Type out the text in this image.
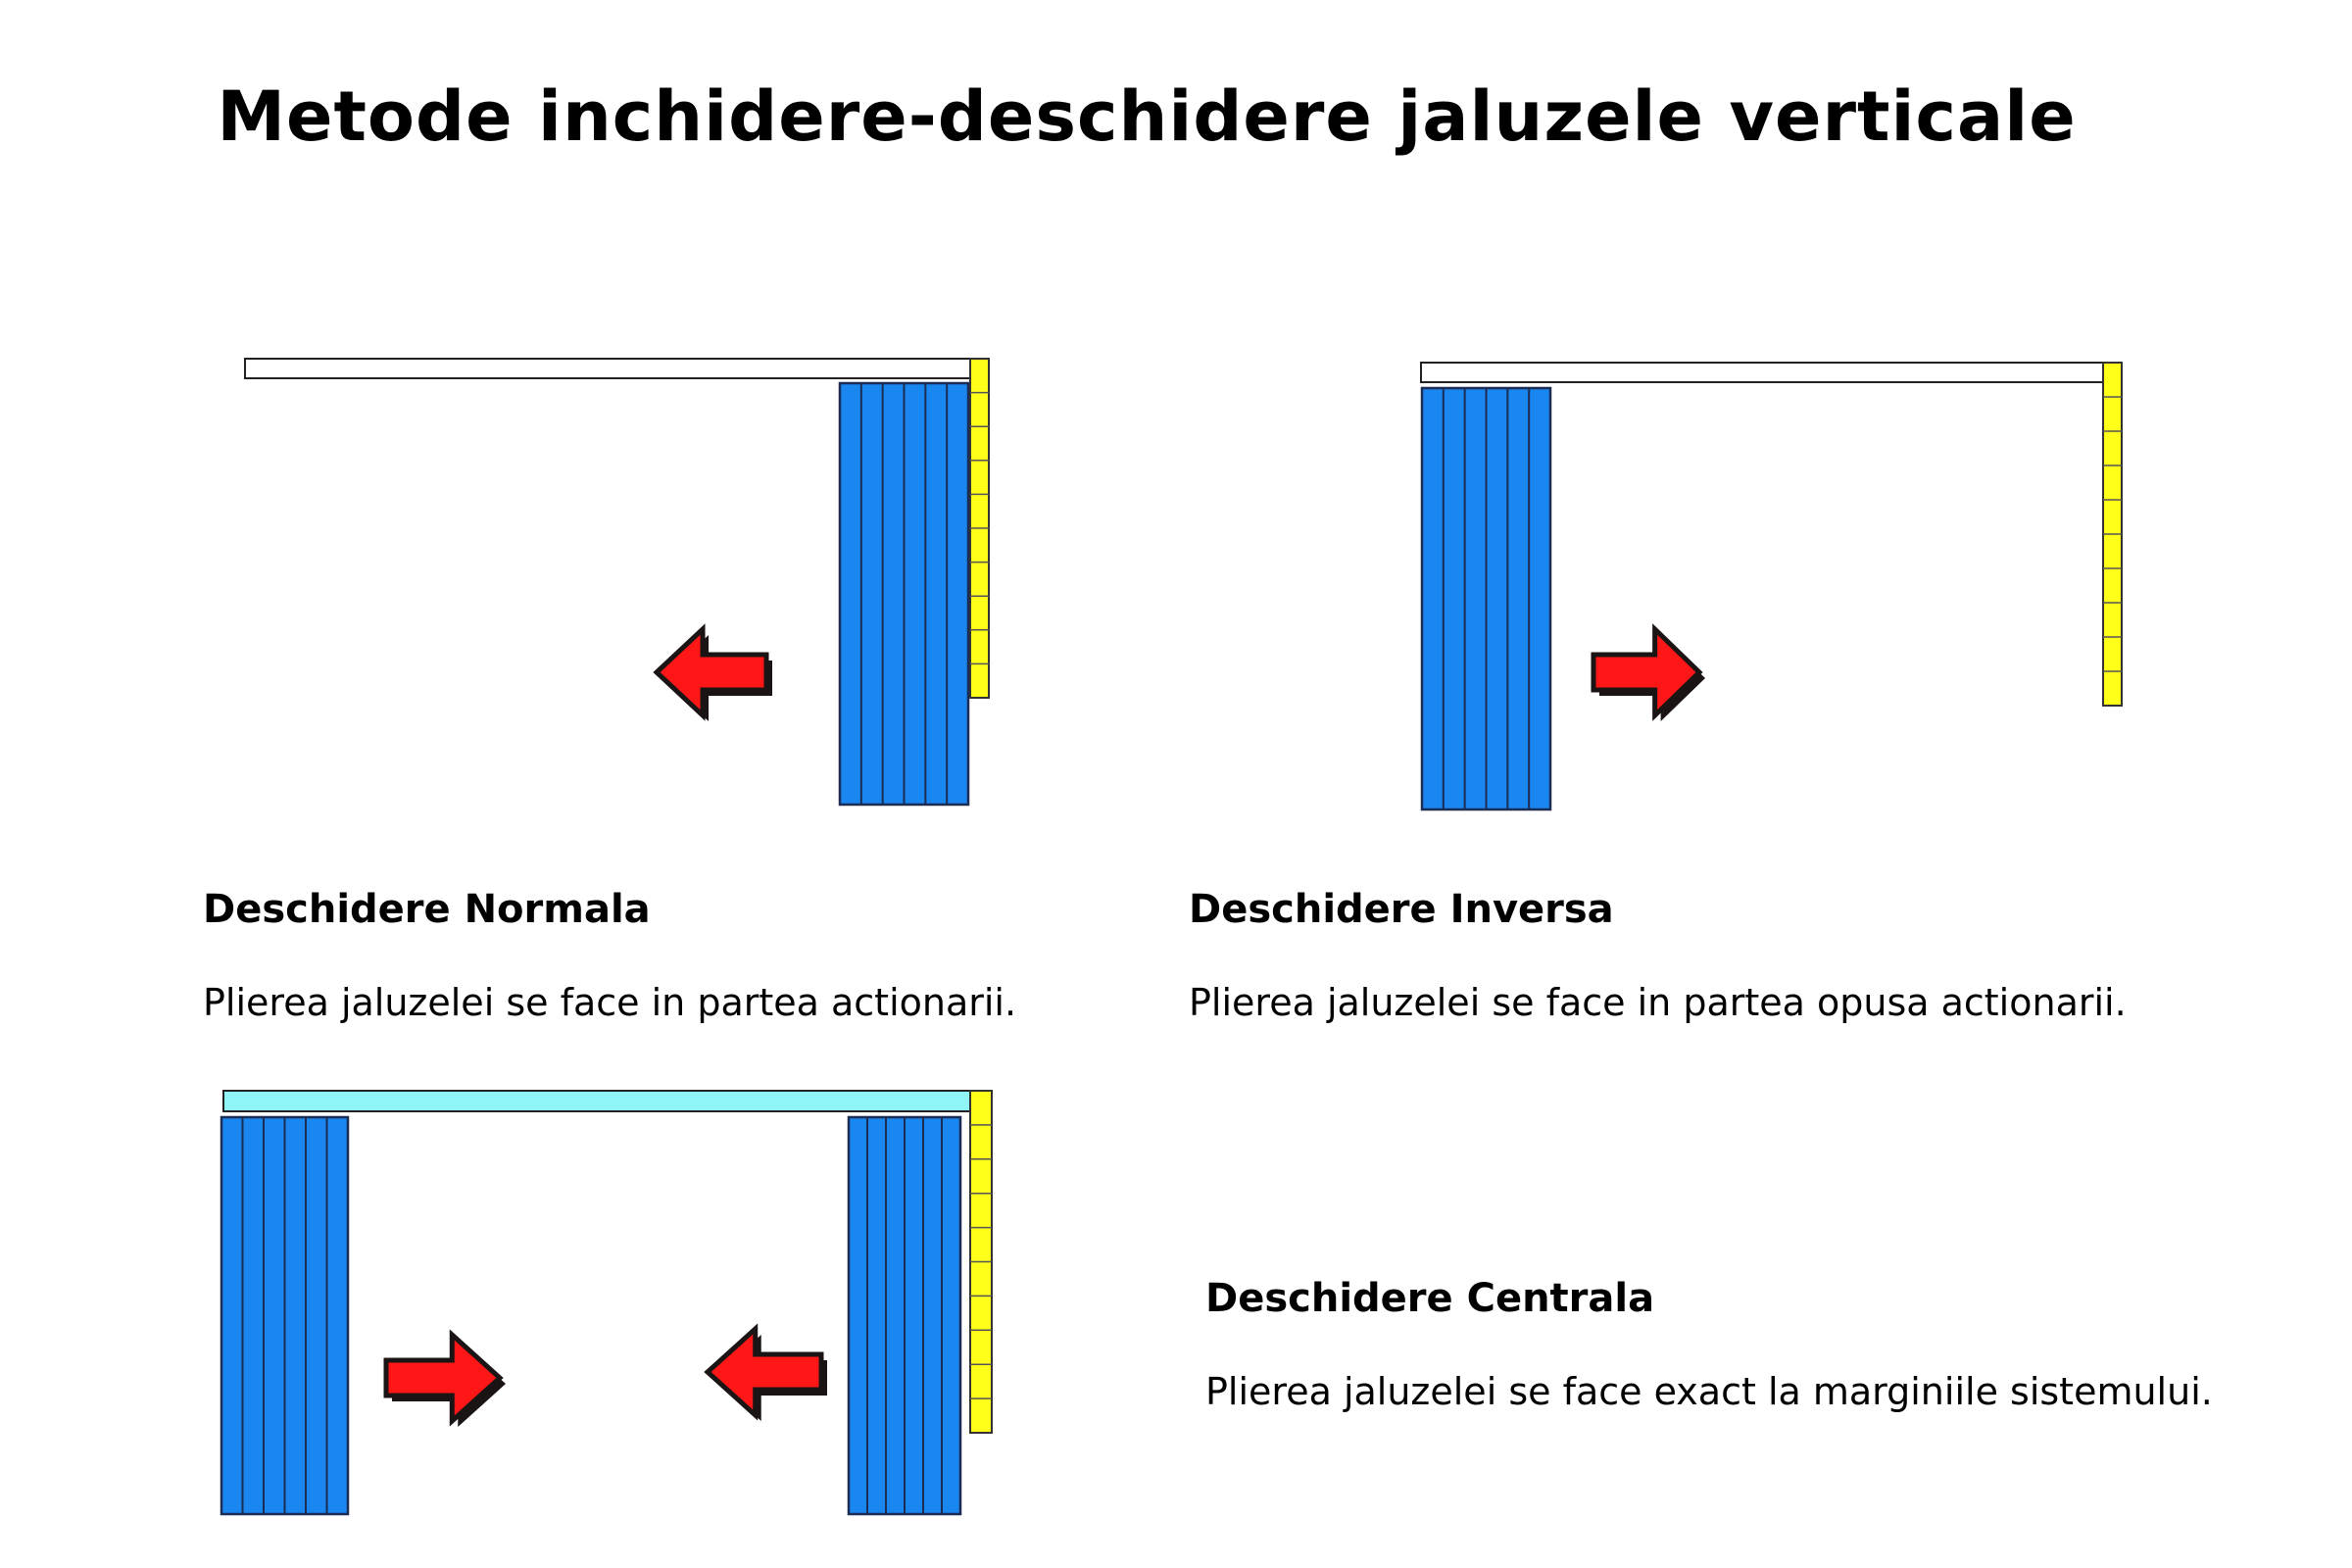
Metode inchidere-deschidere jaluzele verticale
Deschidere Normala

Plierea jaluzelei se face in partea actionarii.

Deschidere Inversa

Plierea jaluzelei se face in partea opusa actionarii.

Deschidere Centrala

Plierea jaluzelei se face exact la marginiile sistemului.
